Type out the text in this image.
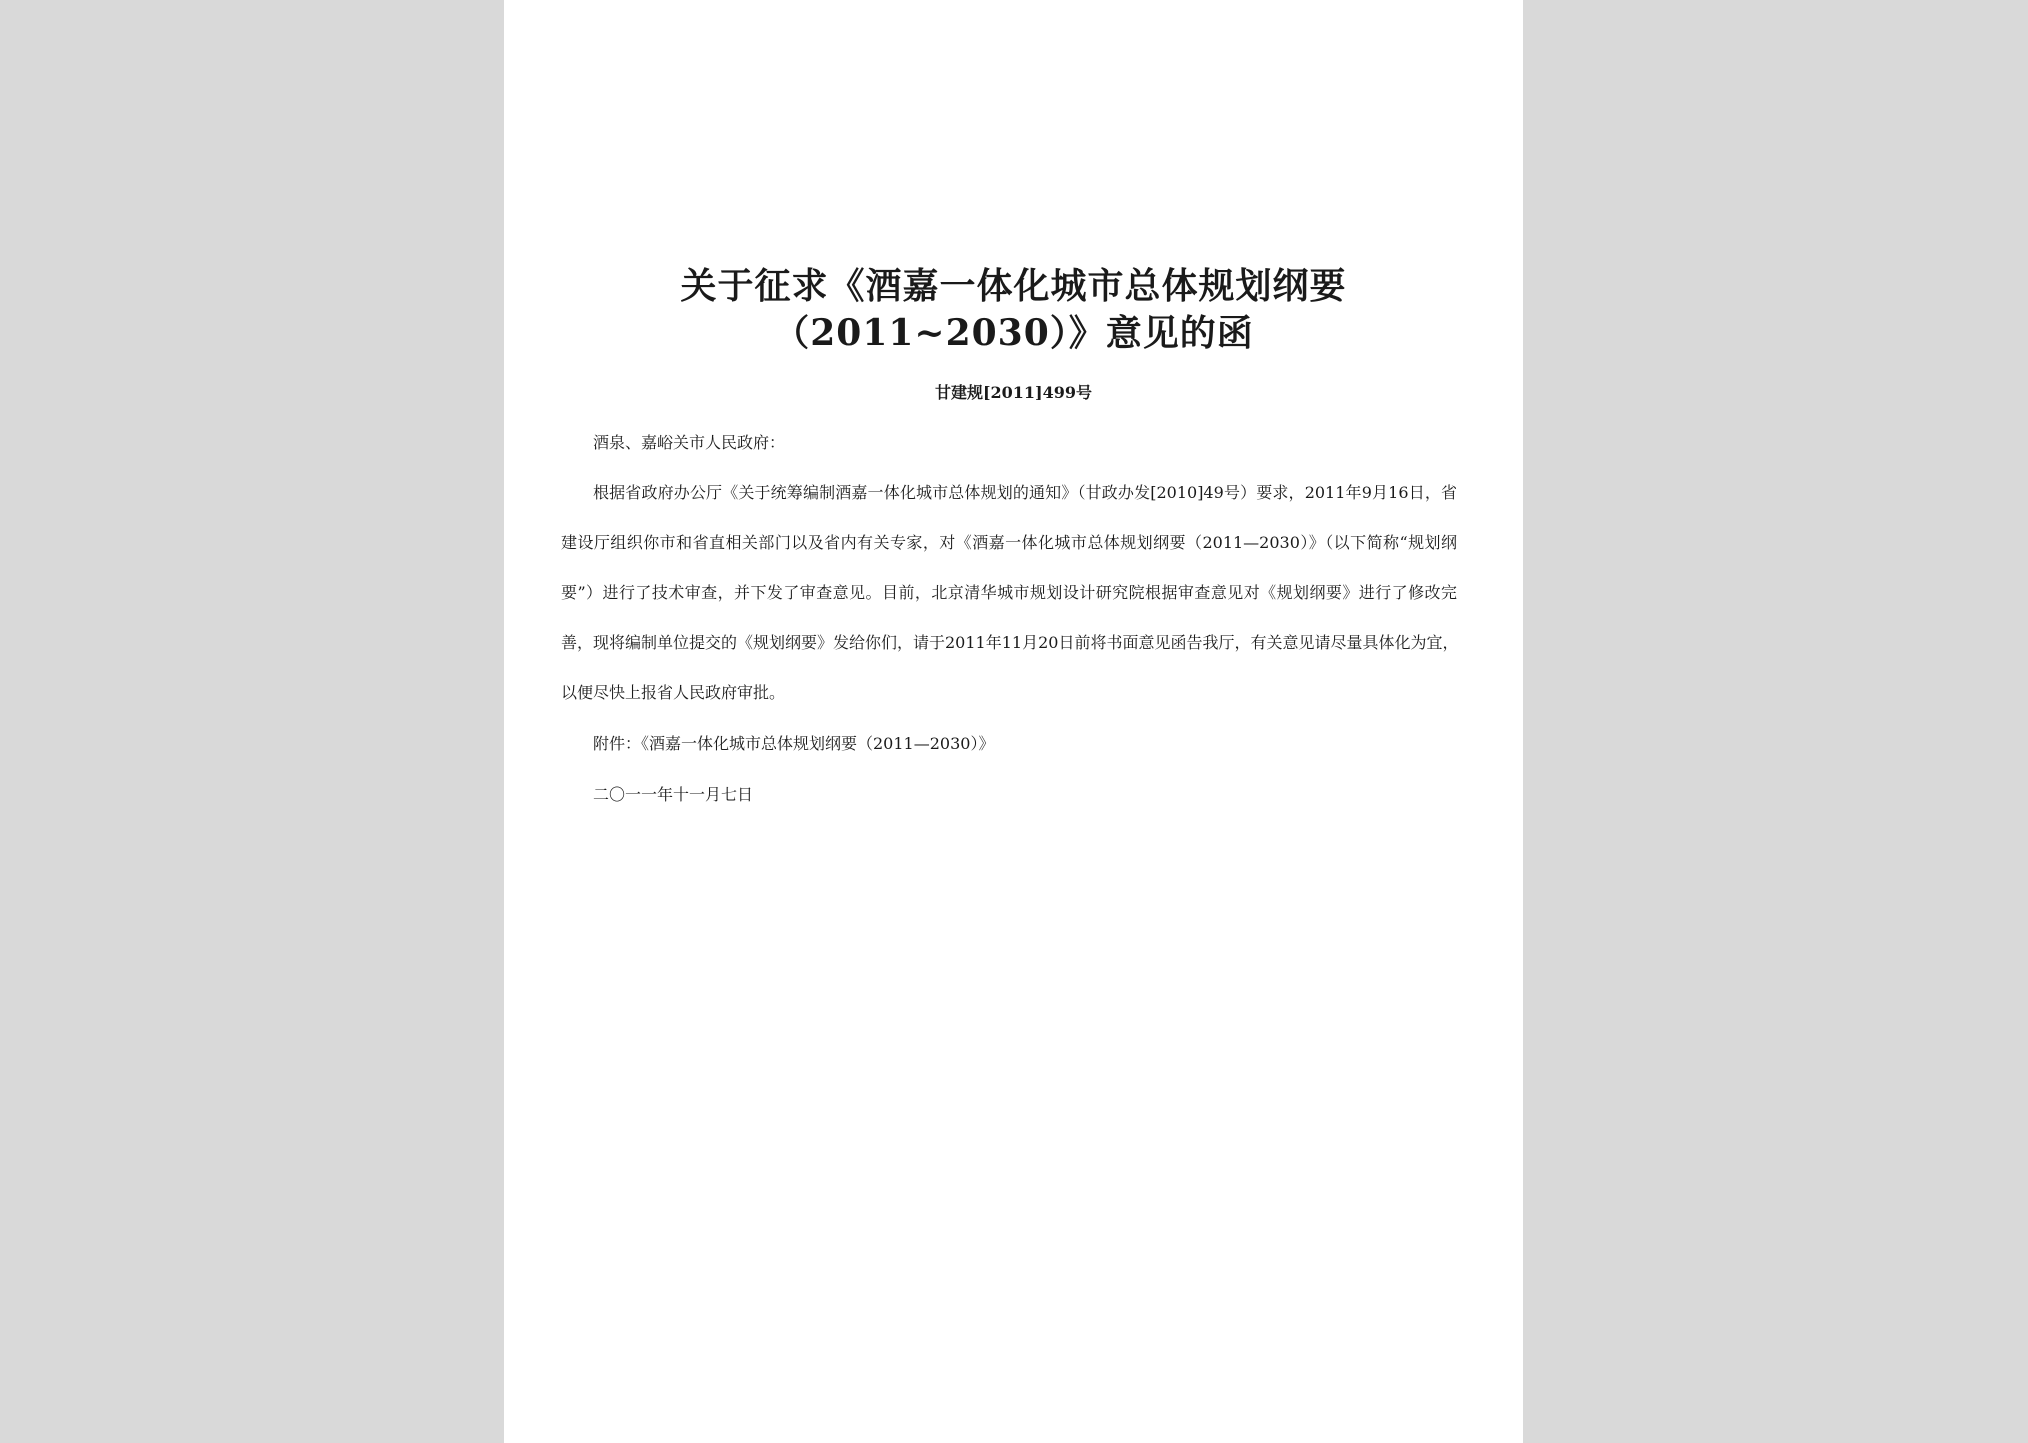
关于征求《酒嘉一体化城市总体规划纲要
（2011~2030）》意见的函
甘建规[2011]499号
酒泉、嘉峪关市人民政府：
根据省政府办公厅《关于统筹编制酒嘉一体化城市总体规划的通知》（甘政办发[2010]49号）要求，2011年9月16日，省
建设厅组织你市和省直相关部门以及省内有关专家，对《酒嘉一体化城市总体规划纲要（2011—2030）》（以下简称“规划纲
要”）进行了技术审查，并下发了审查意见。目前，北京清华城市规划设计研究院根据审查意见对《规划纲要》进行了修改完
善，现将编制单位提交的《规划纲要》发给你们，请于2011年11月20日前将书面意见函告我厅，有关意见请尽量具体化为宜，
以便尽快上报省人民政府审批。
附件：《酒嘉一体化城市总体规划纲要（2011—2030）》
二〇一一年十一月七日
